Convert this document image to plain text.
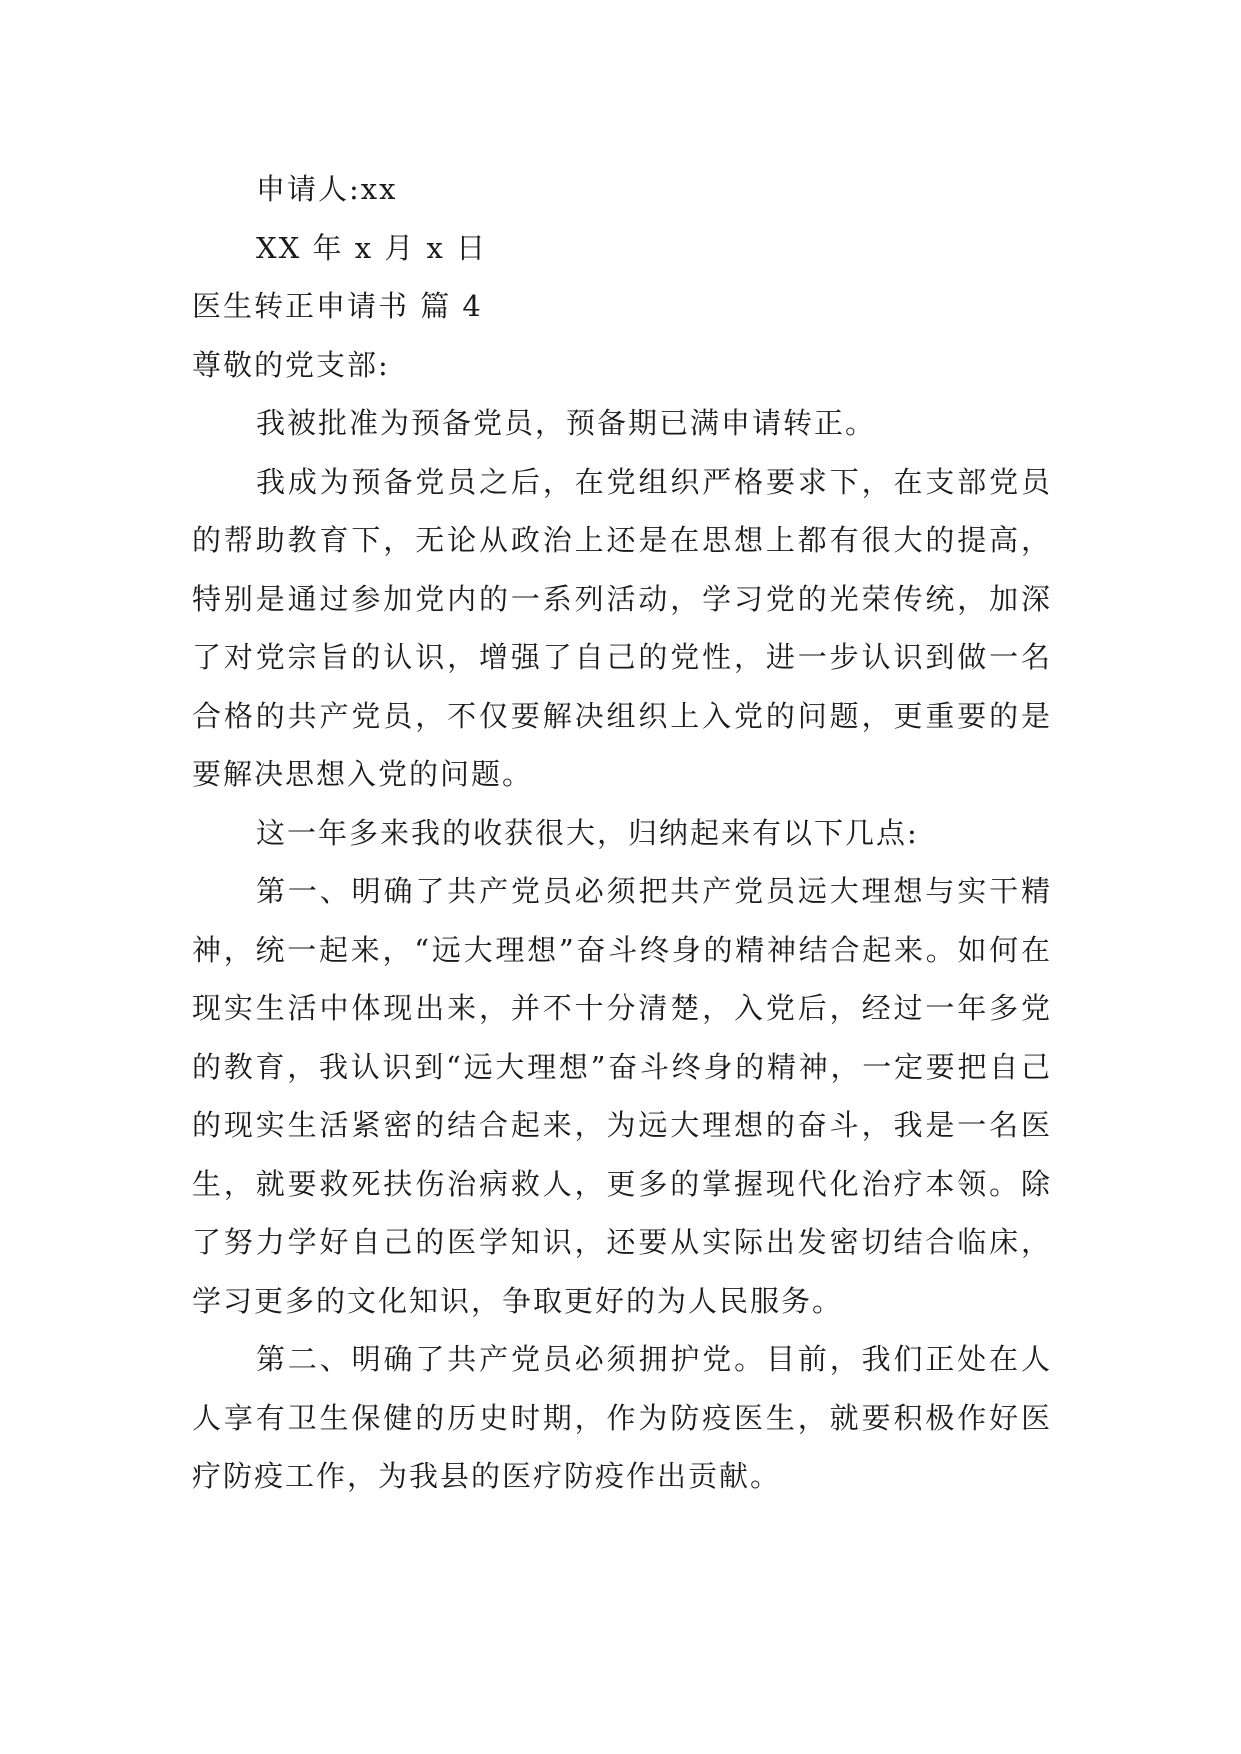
申请人:xx

XX 年 x 月 x 日

医生转正申请书 篇 4

尊敬的党支部:

我被批准为预备党员，预备期已满申请转正。

我成为预备党员之后，在党组织严格要求下，在支部党员的帮助教育下，无论从政治上还是在思想上都有很大的提高，特别是通过参加党内的一系列活动，学习党的光荣传统，加深了对党宗旨的认识，增强了自己的党性，进一步认识到做一名合格的共产党员，不仅要解决组织上入党的问题，更重要的是要解决思想入党的问题。

这一年多来我的收获很大，归纳起来有以下几点:

第一、明确了共产党员必须把共产党员远大理想与实干精神，统一起来，“远大理想”奋斗终身的精神结合起来。如何在现实生活中体现出来，并不十分清楚，入党后，经过一年多党的教育，我认识到“远大理想”奋斗终身的精神，一定要把自己的现实生活紧密的结合起来，为远大理想的奋斗，我是一名医生，就要救死扶伤治病救人，更多的掌握现代化治疗本领。除了努力学好自己的医学知识，还要从实际出发密切结合临床，学习更多的文化知识，争取更好的为人民服务。

第二、明确了共产党员必须拥护党。目前，我们正处在人人享有卫生保健的历史时期，作为防疫医生，就要积极作好医疗防疫工作，为我县的医疗防疫作出贡献。
